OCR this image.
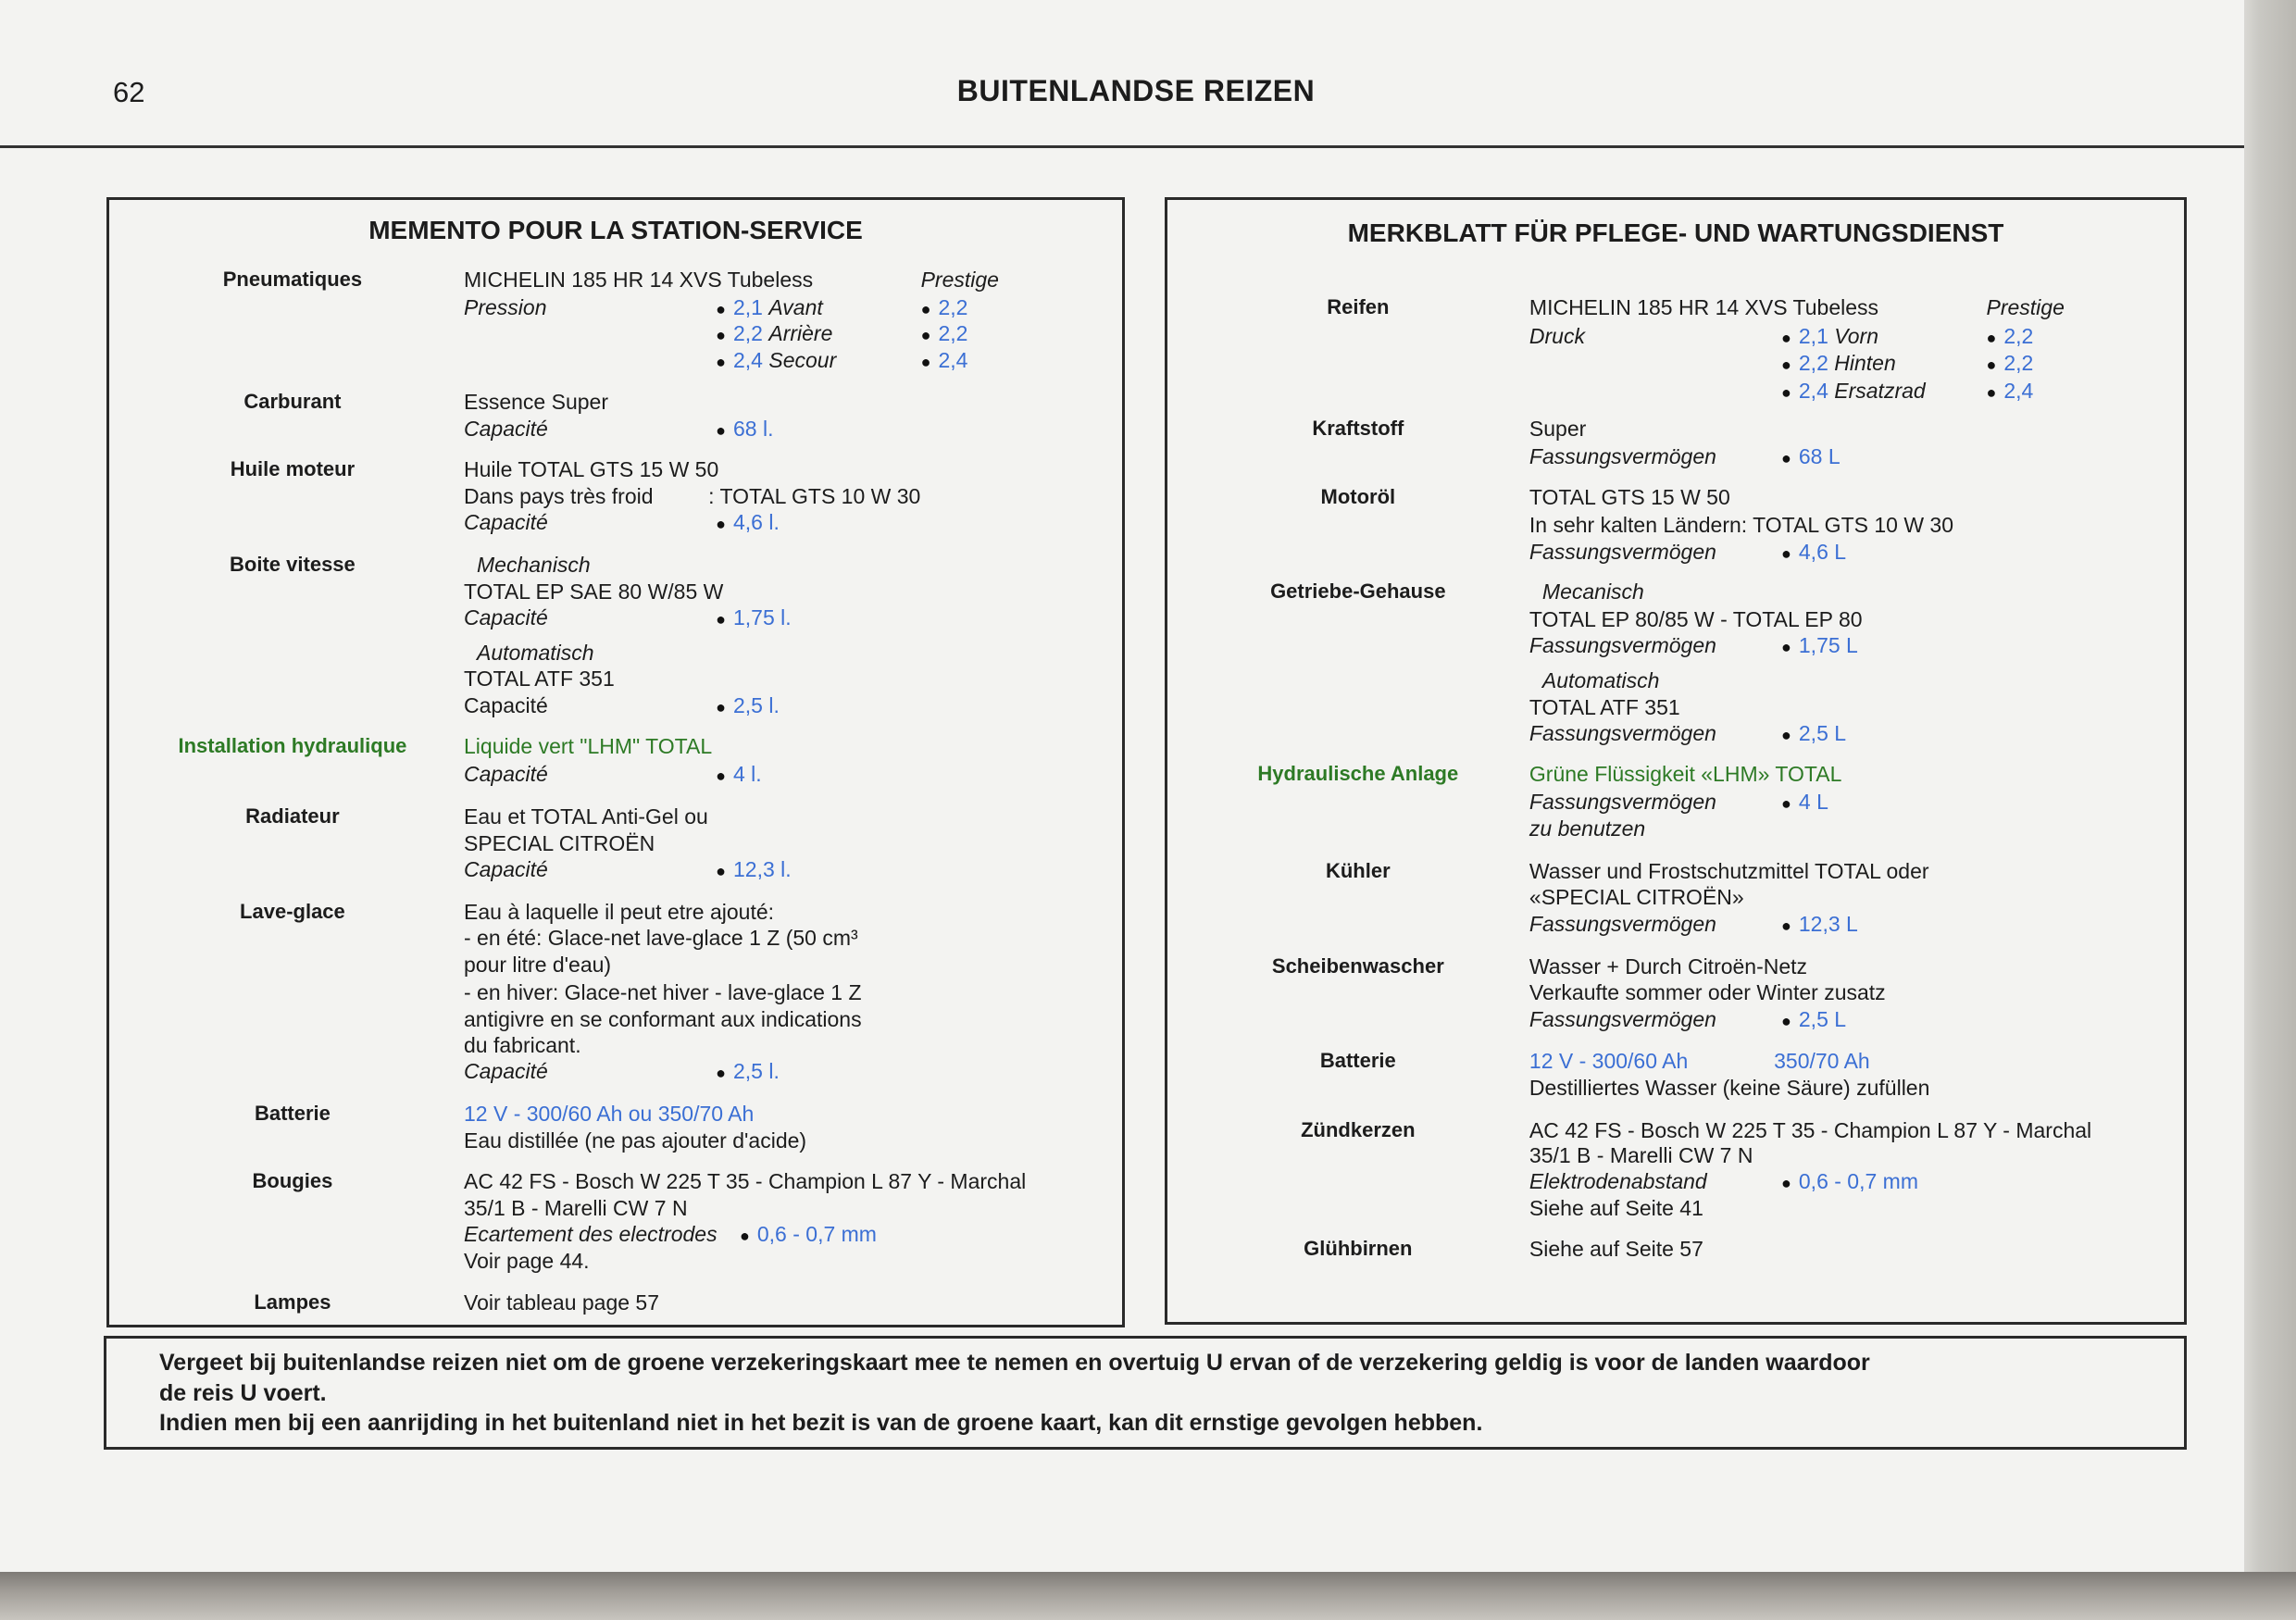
62	BUITENLANDSE REIZEN
MEMENTO POUR LA STATION-SERVICE
Pneumatiques	MICHELIN 185 HR 14 XVS Tubeless	Prestige
Pression	● 2,1 Avant	● 2,2
● 2,2 Arrière	● 2,2
● 2,4 Secour	● 2,4
Carburant	Essence Super
Capacité	● 68 l.
Huile moteur	Huile TOTAL GTS 15 W 50
Dans pays très froid	: TOTAL GTS 10 W 30
Capacité	● 4,6 l.
Boite vitesse	Mechanisch
TOTAL EP SAE 80 W/85 W
Capacité	● 1,75 l.
Automatisch
TOTAL ATF 351
Capacité	● 2,5 l.
Installation hydraulique	Liquide vert "LHM" TOTAL
Capacité	● 4 l.
Radiateur	Eau et TOTAL Anti-Gel ou
SPECIAL CITROËN
Capacité	● 12,3 l.
Lave-glace	Eau à laquelle il peut etre ajouté:
- en été: Glace-net lave-glace 1 Z (50 cm³
pour litre d'eau)
- en hiver: Glace-net hiver - lave-glace 1 Z
antigivre en se conformant aux indications
du fabricant.
Capacité	● 2,5 l.
Batterie	12 V - 300/60 Ah ou 350/70 Ah
Eau distillée (ne pas ajouter d'acide)
Bougies	AC 42 FS - Bosch W 225 T 35 - Champion L 87 Y - Marchal
35/1 B - Marelli CW 7 N
Ecartement des electrodes ● 0,6 - 0,7 mm
Voir page 44.
Lampes	Voir tableau page 57
MERKBLATT FÜR PFLEGE- UND WARTUNGSDIENST
Reifen	MICHELIN 185 HR 14 XVS Tubeless	Prestige
Druck	● 2,1 Vorn	● 2,2
● 2,2 Hinten	● 2,2
● 2,4 Ersatzrad	● 2,4
Kraftstoff	Super
Fassungsvermögen	● 68 L
Motoröl	TOTAL GTS 15 W 50
In sehr kalten Ländern: TOTAL GTS 10 W 30
Fassungsvermögen	● 4,6 L
Getriebe-Gehause	Mecanisch
TOTAL EP 80/85 W - TOTAL EP 80
Fassungsvermögen	● 1,75 L
Automatisch
TOTAL ATF 351
Fassungsvermögen	● 2,5 L
Hydraulische Anlage	Grüne Flüssigkeit «LHM» TOTAL
Fassungsvermögen	● 4 L
zu benutzen
Kühler	Wasser und Frostschutzmittel TOTAL oder
«SPECIAL CITROËN»
Fassungsvermögen	● 12,3 L
Scheibenwascher	Wasser + Durch Citroën-Netz
Verkaufte sommer oder Winter zusatz
Fassungsvermögen	● 2,5 L
Batterie	12 V - 300/60 Ah	350/70 Ah
Destilliertes Wasser (keine Säure) zufüllen
Zündkerzen	AC 42 FS - Bosch W 225 T 35 - Champion L 87 Y - Marchal
35/1 B - Marelli CW 7 N
Elektrodenabstand	● 0,6 - 0,7 mm
Siehe auf Seite 41
Glühbirnen	Siehe auf Seite 57
Vergeet bij buitenlandse reizen niet om de groene verzekeringskaart mee te nemen en overtuig U ervan of de verzekering geldig is voor de landen waardoor
de reis U voert.
Indien men bij een aanrijding in het buitenland niet in het bezit is van de groene kaart, kan dit ernstige gevolgen hebben.
